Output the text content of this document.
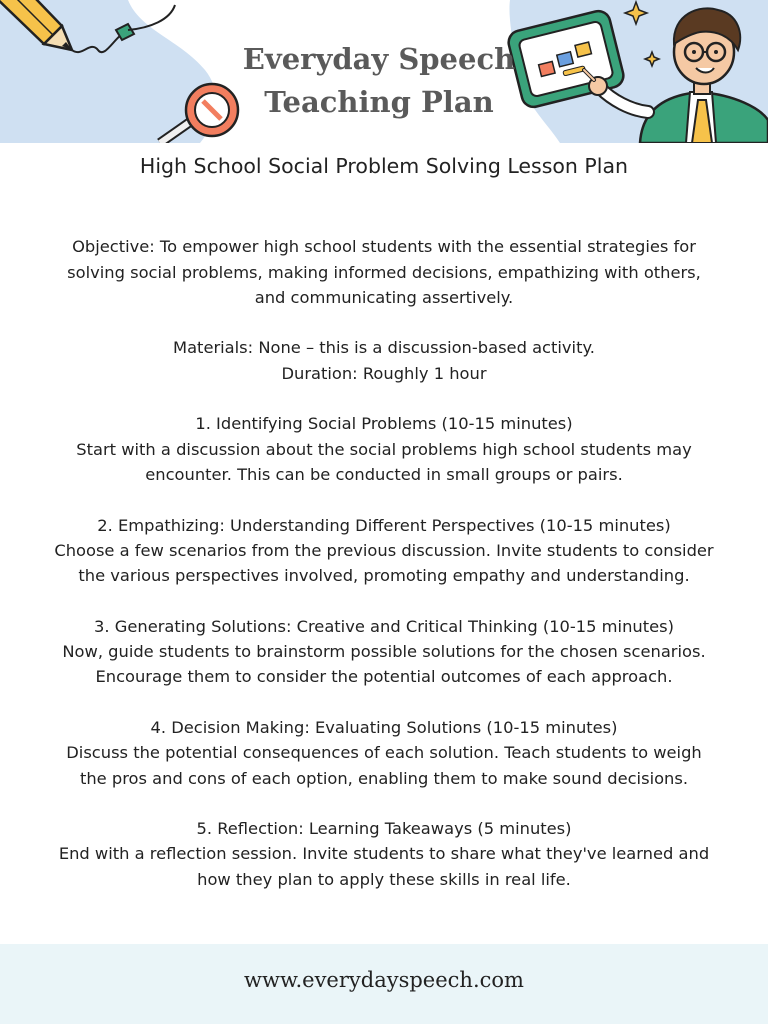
Everyday Speech
Teaching Plan
High School Social Problem Solving Lesson Plan

Objective: To empower high school students with the essential strategies for
solving social problems, making informed decisions, empathizing with others,
and communicating assertively.

Materials: None – this is a discussion-based activity.
Duration: Roughly 1 hour

1. Identifying Social Problems (10-15 minutes)
Start with a discussion about the social problems high school students may
encounter. This can be conducted in small groups or pairs.

2. Empathizing: Understanding Different Perspectives (10-15 minutes)
Choose a few scenarios from the previous discussion. Invite students to consider
the various perspectives involved, promoting empathy and understanding.

3. Generating Solutions: Creative and Critical Thinking (10-15 minutes)
Now, guide students to brainstorm possible solutions for the chosen scenarios.
Encourage them to consider the potential outcomes of each approach.

4. Decision Making: Evaluating Solutions (10-15 minutes)
Discuss the potential consequences of each solution. Teach students to weigh
the pros and cons of each option, enabling them to make sound decisions.

5. Reflection: Learning Takeaways (5 minutes)
End with a reflection session. Invite students to share what they've learned and
how they plan to apply these skills in real life.

www.everydayspeech.com
